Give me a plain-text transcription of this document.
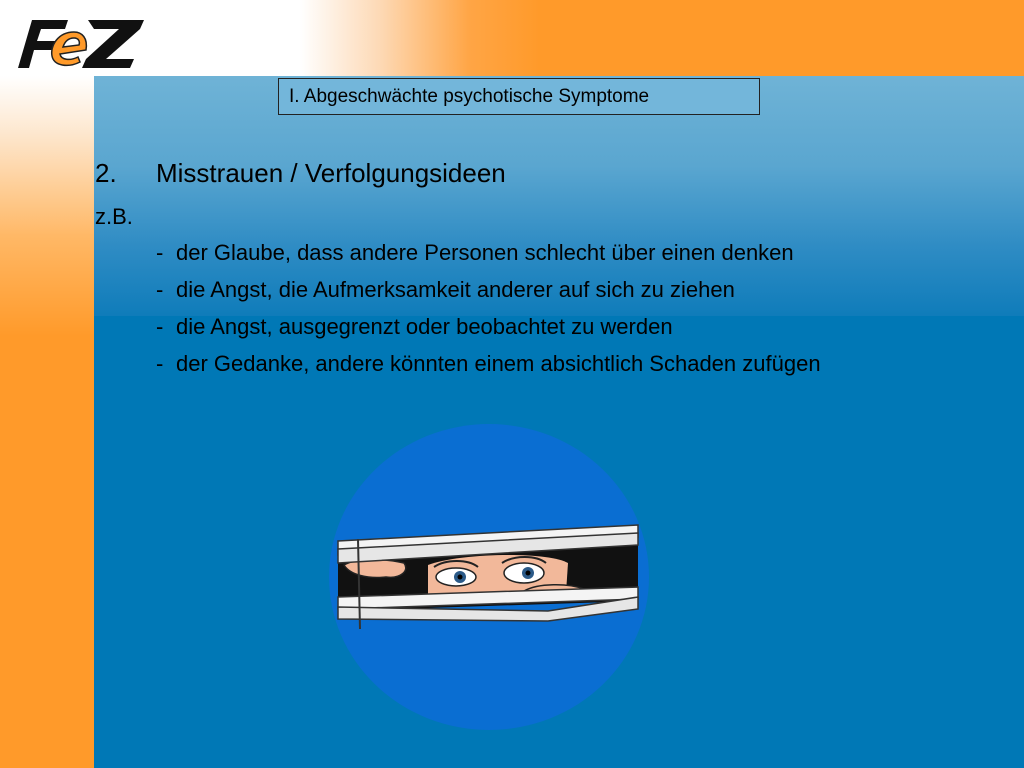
FeZ
I. Abgeschwächte psychotische Symptome
2. Misstrauen / Verfolgungsideen
z.B.
- der Glaube, dass andere Personen schlecht über einen denken
- die Angst, die Aufmerksamkeit anderer auf sich zu ziehen
- die Angst, ausgegrenzt oder beobachtet zu werden
- der Gedanke, andere könnten einem absichtlich Schaden zufügen
